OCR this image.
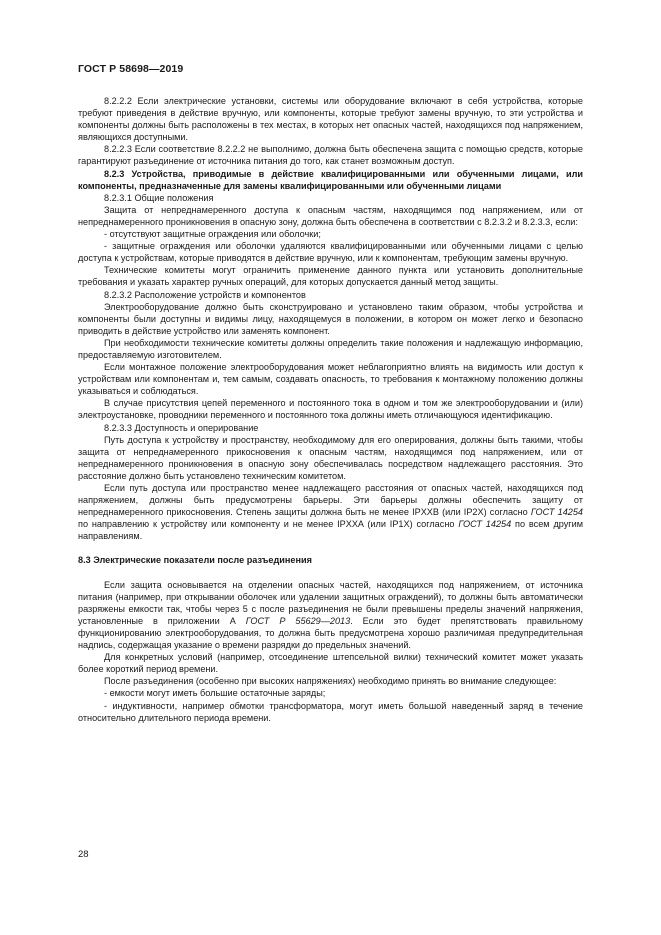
ГОСТ Р 58698—2019

8.2.2.2 Если электрические установки, системы или оборудование включают в себя устройства, которые требуют приведения в действие вручную, или компоненты, которые требуют замены вручную, то эти устройства и компоненты должны быть расположены в тех местах, в которых нет опасных частей, находящихся под напряжением, являющихся доступными.

8.2.2.3 Если соответствие 8.2.2.2 не выполнимо, должна быть обеспечена защита с помощью средств, которые гарантируют разъединение от источника питания до того, как станет возможным доступ.

8.2.3 Устройства, приводимые в действие квалифицированными или обученными лицами, или компоненты, предназначенные для замены квалифицированными или обученными лицами

8.2.3.1 Общие положения

Защита от непреднамеренного доступа к опасным частям, находящимся под напряжением, или от непреднамеренного проникновения в опасную зону, должна быть обеспечена в соответствии с 8.2.3.2 и 8.2.3.3, если:

- отсутствуют защитные ограждения или оболочки;

- защитные ограждения или оболочки удаляются квалифицированными или обученными лицами с целью доступа к устройствам, которые приводятся в действие вручную, или к компонентам, требующим замены вручную.

Технические комитеты могут ограничить применение данного пункта или установить дополнительные требования и указать характер ручных операций, для которых допускается данный метод защиты.

8.2.3.2 Расположение устройств и компонентов

Электрооборудование должно быть сконструировано и установлено таким образом, чтобы устройства и компоненты были доступны и видимы лицу, находящемуся в положении, в котором он может легко и безопасно приводить в действие устройство или заменять компонент.

При необходимости технические комитеты должны определить такие положения и надлежащую информацию, предоставляемую изготовителем.

Если монтажное положение электрооборудования может неблагоприятно влиять на видимость или доступ к устройствам или компонентам и, тем самым, создавать опасность, то требования к монтажному положению должны указываться и соблюдаться.

В случае присутствия цепей переменного и постоянного тока в одном и том же электрооборудовании и (или) электроустановке, проводники переменного и постоянного тока должны иметь отличающуюся идентификацию.

8.2.3.3 Доступность и оперирование

Путь доступа к устройству и пространству, необходимому для его оперирования, должны быть такими, чтобы защита от непреднамеренного прикосновения к опасным частям, находящимся под напряжением, или от непреднамеренного проникновения в опасную зону обеспечивалась посредством надлежащего расстояния. Это расстояние должно быть установлено техническим комитетом.

Если путь доступа или пространство менее надлежащего расстояния от опасных частей, находящихся под напряжением, должны быть предусмотрены барьеры. Эти барьеры должны обеспечить защиту от непреднамеренного прикосновения. Степень защиты должна быть не менее IPXXB (или IP2X) согласно ГОСТ 14254 по направлению к устройству или компоненту и не менее IPXXA (или IP1X) согласно ГОСТ 14254 по всем другим направлениям.

8.3 Электрические показатели после разъединения

Если защита основывается на отделении опасных частей, находящихся под напряжением, от источника питания (например, при открывании оболочек или удалении защитных ограждений), то должны быть автоматически разряжены емкости так, чтобы через 5 с после разъединения не были превышены пределы значений напряжения, установленные в приложении А ГОСТ Р 55629—2013. Если это будет препятствовать правильному функционированию электрооборудования, то должна быть предусмотрена хорошо различимая предупредительная надпись, содержащая указание о времени разрядки до предельных значений.

Для конкретных условий (например, отсоединение штепсельной вилки) технический комитет может указать более короткий период времени.

После разъединения (особенно при высоких напряжениях) необходимо принять во внимание следующее:

- емкости могут иметь большие остаточные заряды;

- индуктивности, например обмотки трансформатора, могут иметь большой наведенный заряд в течение относительно длительного периода времени.

28
